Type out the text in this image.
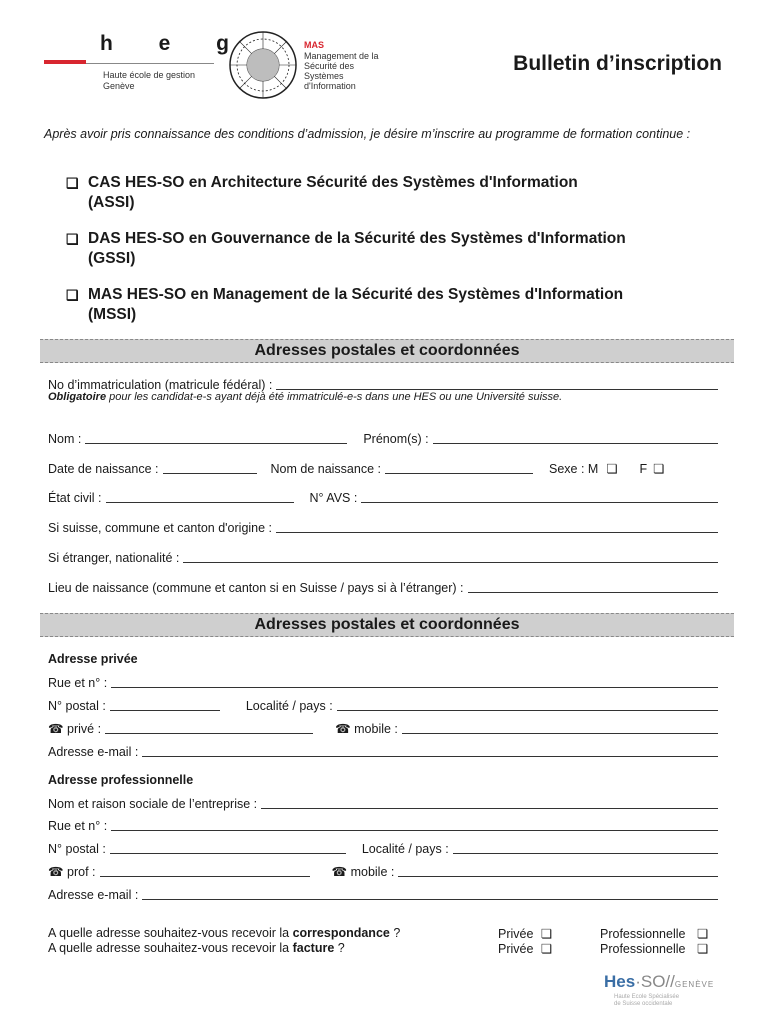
h e g
Haute école de gestion
Genève
MAS
Management de la
Sécurité des
Systèmes
d'Information
Bulletin d’inscription
Après avoir pris connaissance des conditions d’admission, je désire m’inscrire au programme de formation continue :
❏ CAS HES-SO en Architecture Sécurité des Systèmes d'Information
(ASSI)
❏ DAS HES-SO en Gouvernance de la Sécurité des Systèmes d'Information
(GSSI)
❏ MAS HES-SO en Management de la Sécurité des Systèmes d'Information
(MSSI)
Adresses postales et coordonnées
No d’immatriculation (matricule fédéral) :
Obligatoire pour les candidat-e-s ayant déjà été immatriculé-e-s dans une HES ou une Université suisse.
Nom :	Prénom(s) :
Date de naissance :	Nom de naissance :	Sexe : M ❏ F ❏
État civil :	N° AVS :
Si suisse, commune et canton d'origine :
Si étranger, nationalité :
Lieu de naissance (commune et canton si en Suisse / pays si à l’étranger) :
Adresses postales et coordonnées
Adresse privée
Rue et n° :
N° postal :	Localité / pays :
☎ privé :	☎ mobile :
Adresse e-mail :
Adresse professionnelle
Nom et raison sociale de l’entreprise :
Rue et n° :
N° postal :	Localité / pays :
☎ prof :	☎ mobile :
Adresse e-mail :
A quelle adresse souhaitez-vous recevoir la correspondance ?	Privée ❏	Professionnelle ❏
A quelle adresse souhaitez-vous recevoir la facture ?	Privée ❏	Professionnelle ❏
Hes·SO//GENÈVE
Haute Ecole Spécialisée
de Suisse occidentale
